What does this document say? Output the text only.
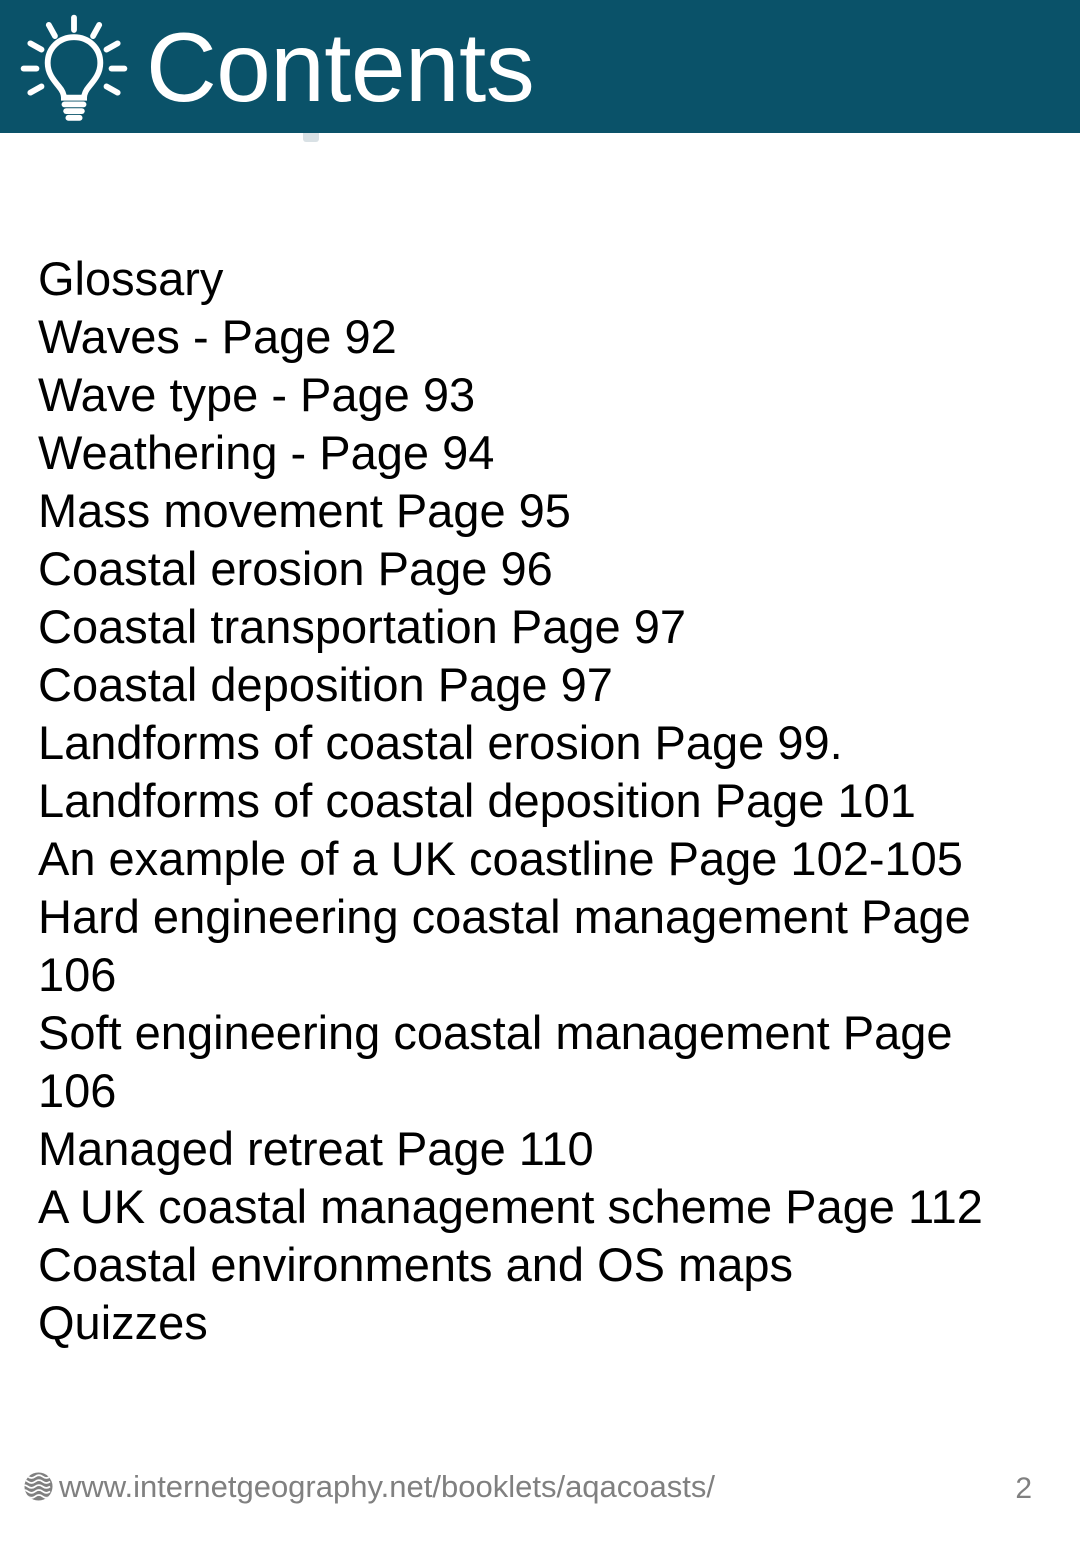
Contents
Glossary
Waves - Page 92
Wave type - Page 93
Weathering - Page 94
Mass movement Page 95
Coastal erosion Page 96
Coastal transportation Page 97
Coastal deposition Page 97
Landforms of coastal erosion Page 99.
Landforms of coastal deposition Page 101
An example of a UK coastline Page 102-105
Hard engineering coastal management Page 106
Soft engineering coastal management Page 106
Managed retreat Page 110
A UK coastal management scheme Page 112
Coastal environments and OS maps
Quizzes
www.internetgeography.net/booklets/aqacoasts/	2
